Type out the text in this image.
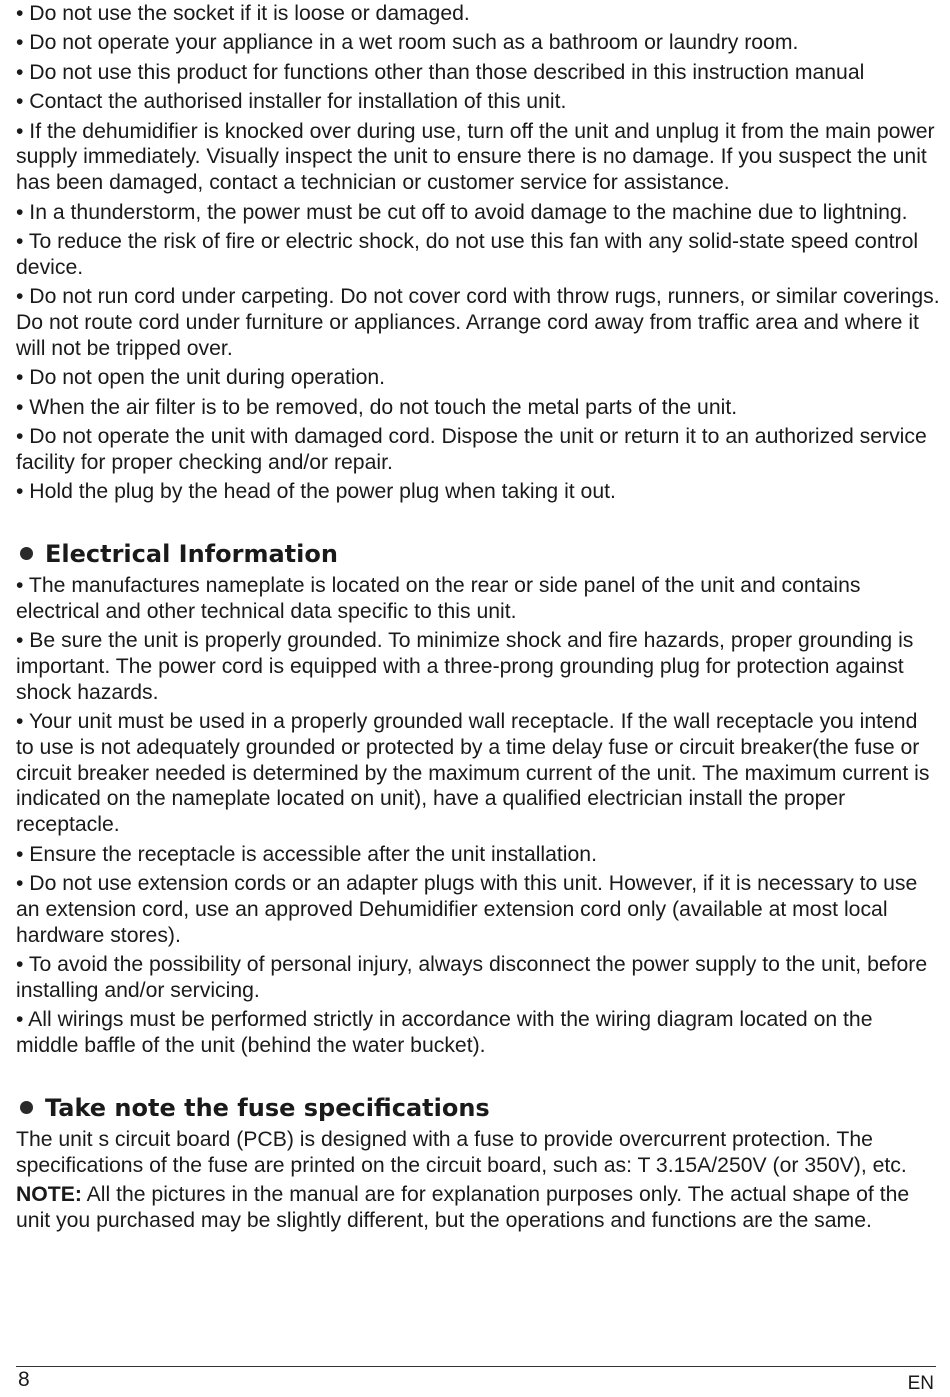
• Do not use the socket if it is loose or damaged.

• Do not operate your appliance in a wet room such as a bathroom or laundry room.

• Do not use this product for functions other than those described in this instruction manual

• Contact the authorised installer for installation of this unit.

• If the dehumidifier is knocked over during use, turn off the unit and unplug it from the main power supply immediately. Visually inspect the unit to ensure there is no damage. If you suspect the unit has been damaged, contact a technician or customer service for assistance.

• In a thunderstorm, the power must be cut off to avoid damage to the machine due to lightning.

• To reduce the risk of fire or electric shock, do not use this fan with any solid-state speed control device.

• Do not run cord under carpeting. Do not cover cord with throw rugs, runners, or similar coverings. Do not route cord under furniture or appliances. Arrange cord away from traffic area and where it will not be tripped over.

• Do not open the unit during operation.

• When the air filter is to be removed, do not touch the metal parts of the unit.

• Do not operate the unit with damaged cord. Dispose the unit or return it to an authorized service facility for proper checking and/or repair.

• Hold the plug by the head of the power plug when taking it out.

Electrical Information

• The manufactures nameplate is located on the rear or side panel of the unit and contains electrical and other technical data specific to this unit.

• Be sure the unit is properly grounded. To minimize shock and fire hazards, proper grounding is important. The power cord is equipped with a three-prong grounding plug for protection against shock hazards.

• Your unit must be used in a properly grounded wall receptacle. If the wall receptacle you intend to use is not adequately grounded or protected by a time delay fuse or circuit breaker(the fuse or circuit breaker needed is determined by the maximum current of the unit. The maximum current is indicated on the nameplate located on unit), have a qualified electrician install the proper receptacle.

• Ensure the receptacle is accessible after the unit installation.

• Do not use extension cords or an adapter plugs with this unit. However, if it is necessary to use an extension cord, use an approved Dehumidifier extension cord only (available at most local hardware stores).

• To avoid the possibility of personal injury, always disconnect the power supply to the unit, before installing and/or servicing.

• All wirings must be performed strictly in accordance with the wiring diagram located on the middle baffle of the unit (behind the water bucket).

Take note the fuse specifications

The unit s circuit board (PCB) is designed with a fuse to provide overcurrent protection. The specifications of the fuse are printed on the circuit board, such as: T 3.15A/250V (or 350V), etc.

NOTE: All the pictures in the manual are for explanation purposes only. The actual shape of the unit you purchased may be slightly different, but the operations and functions are the same.

8	EN
